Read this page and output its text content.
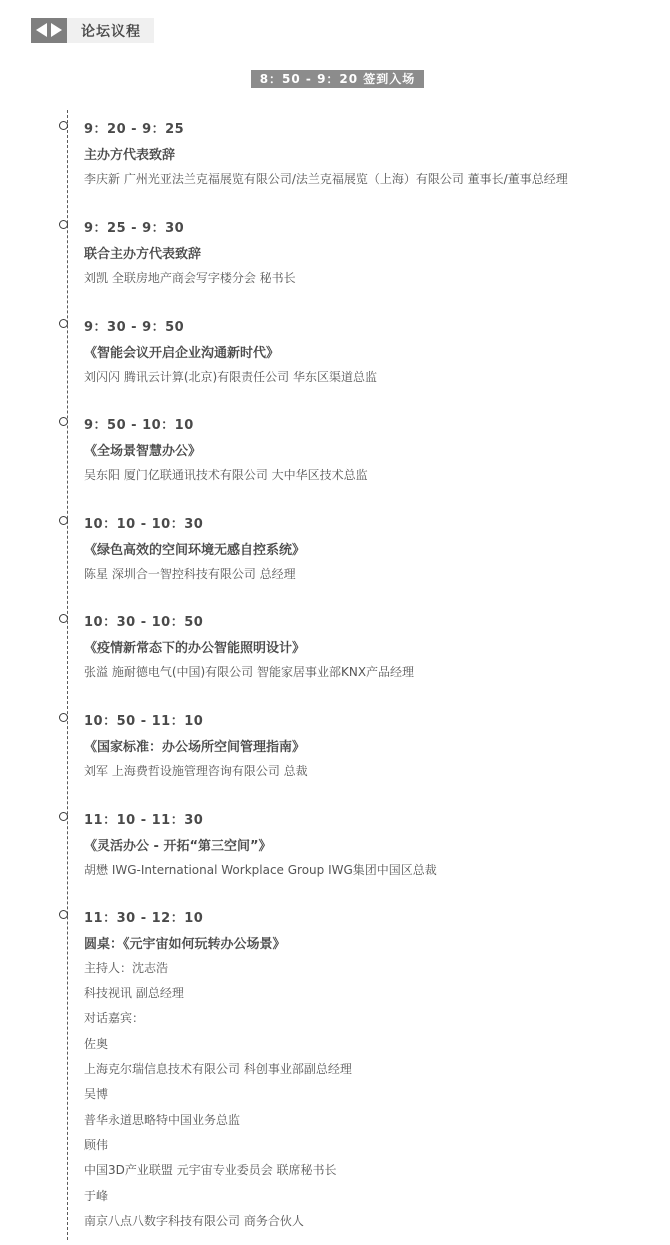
论坛议程
8：50 - 9：20 签到入场
9：20 - 9：25
主办方代表致辞
李庆新 广州光亚法兰克福展览有限公司/法兰克福展览（上海）有限公司 董事长/董事总经理
9：25 - 9：30
联合主办方代表致辞
刘凯 全联房地产商会写字楼分会 秘书长
9：30 - 9：50
《智能会议开启企业沟通新时代》
刘闪闪 腾讯云计算(北京)有限责任公司 华东区渠道总监
9：50 - 10：10
《全场景智慧办公》
吴东阳 厦门亿联通讯技术有限公司 大中华区技术总监
10：10 - 10：30
《绿色高效的空间环境无感自控系统》
陈星 深圳合一智控科技有限公司 总经理
10：30 - 10：50
《疫情新常态下的办公智能照明设计》
张溢 施耐德电气(中国)有限公司 智能家居事业部KNX产品经理
10：50 - 11：10
《国家标准：办公场所空间管理指南》
刘军 上海费哲设施管理咨询有限公司 总裁
11：10 - 11：30
《灵活办公 - 开拓“第三空间”》
胡懋 IWG-International Workplace Group IWG集团中国区总裁
11：30 - 12：10
圆桌：《元宇宙如何玩转办公场景》
主持人：沈志浩
科技视讯 副总经理
对话嘉宾：
佐奥
上海克尔瑞信息技术有限公司 科创事业部副总经理
吴博
普华永道思略特中国业务总监
顾伟
中国3D产业联盟 元宇宙专业委员会 联席秘书长
于峰
南京八点八数字科技有限公司 商务合伙人
